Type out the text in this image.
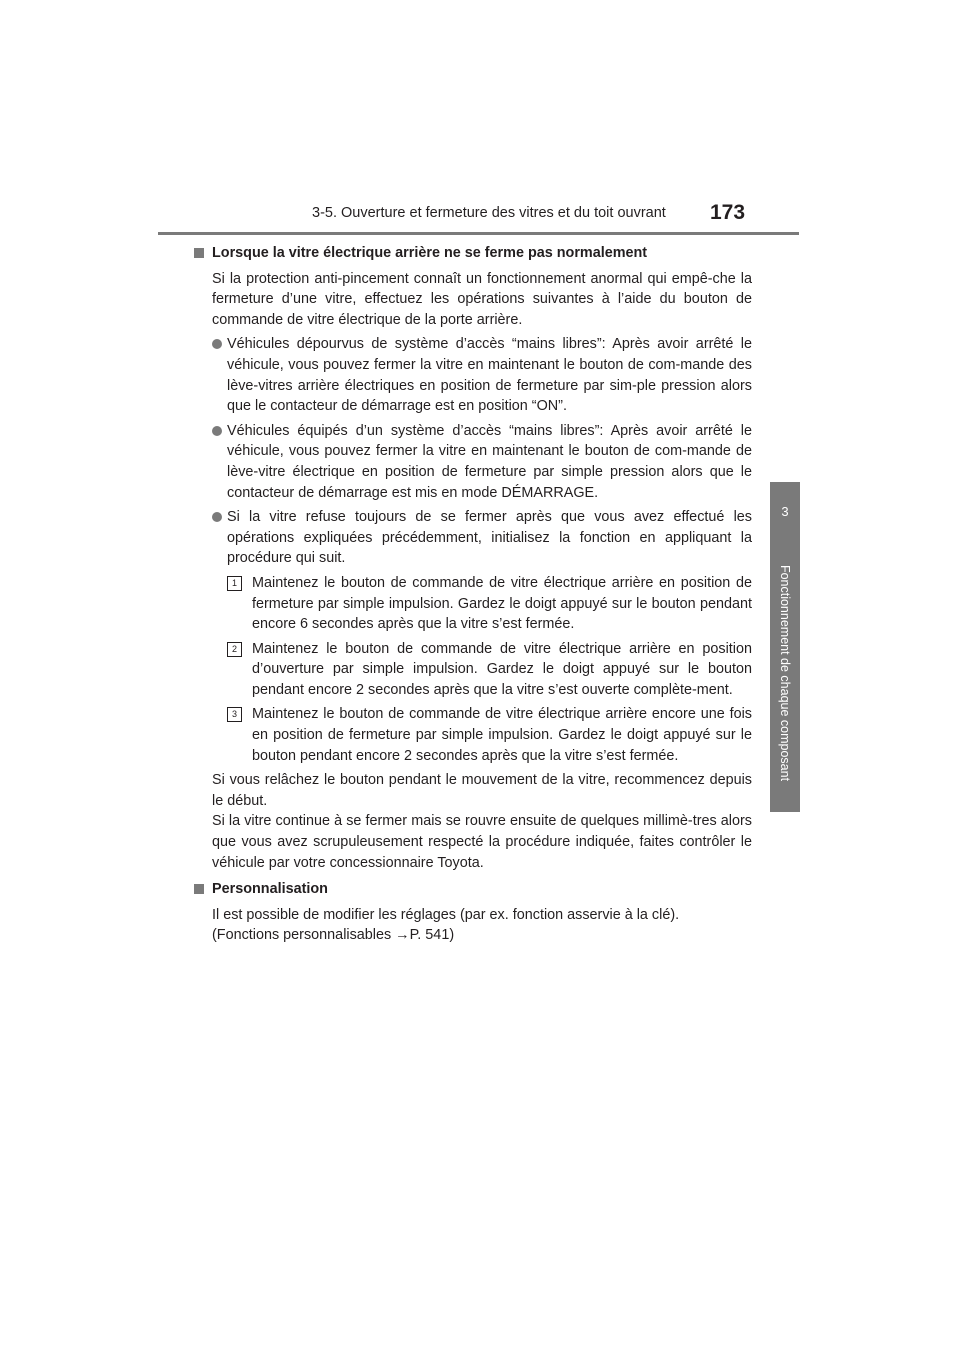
3-5. Ouverture et fermeture des vitres et du toit ouvrant 173
3
Fonctionnement de chaque composant
Lorsque la vitre électrique arrière ne se ferme pas normalement

Si la protection anti-pincement connaît un fonctionnement anormal qui empê-che la fermeture d’une vitre, effectuez les opérations suivantes à l’aide du bouton de commande de vitre électrique de la porte arrière.

Véhicules dépourvus de système d’accès “mains libres”: Après avoir arrêté le véhicule, vous pouvez fermer la vitre en maintenant le bouton de com-mande des lève-vitres arrière électriques en position de fermeture par sim-ple pression alors que le contacteur de démarrage est en position “ON”.
Véhicules équipés d’un système d’accès “mains libres”: Après avoir arrêté le véhicule, vous pouvez fermer la vitre en maintenant le bouton de com-mande de lève-vitre électrique en position de fermeture par simple pression alors que le contacteur de démarrage est mis en mode DÉMARRAGE.
Si la vitre refuse toujours de se fermer après que vous avez effectué les opérations expliquées précédemment, initialisez la fonction en appliquant la procédure qui suit.
1	Maintenez le bouton de commande de vitre électrique arrière en position de fermeture par simple impulsion. Gardez le doigt appuyé sur le bouton pendant encore 6 secondes après que la vitre s’est fermée.
2	Maintenez le bouton de commande de vitre électrique arrière en position d’ouverture par simple impulsion. Gardez le doigt appuyé sur le bouton pendant encore 2 secondes après que la vitre s’est ouverte complète-ment.
3	Maintenez le bouton de commande de vitre électrique arrière encore une fois en position de fermeture par simple impulsion. Gardez le doigt appuyé sur le bouton pendant encore 2 secondes après que la vitre s’est fermée.

Si vous relâchez le bouton pendant le mouvement de la vitre, recommencez depuis le début.
Si la vitre continue à se fermer mais se rouvre ensuite de quelques millimè-tres alors que vous avez scrupuleusement respecté la procédure indiquée, faites contrôler le véhicule par votre concessionnaire Toyota.

Personnalisation

Il est possible de modifier les réglages (par ex. fonction asservie à la clé).
(Fonctions personnalisables →P. 541)
